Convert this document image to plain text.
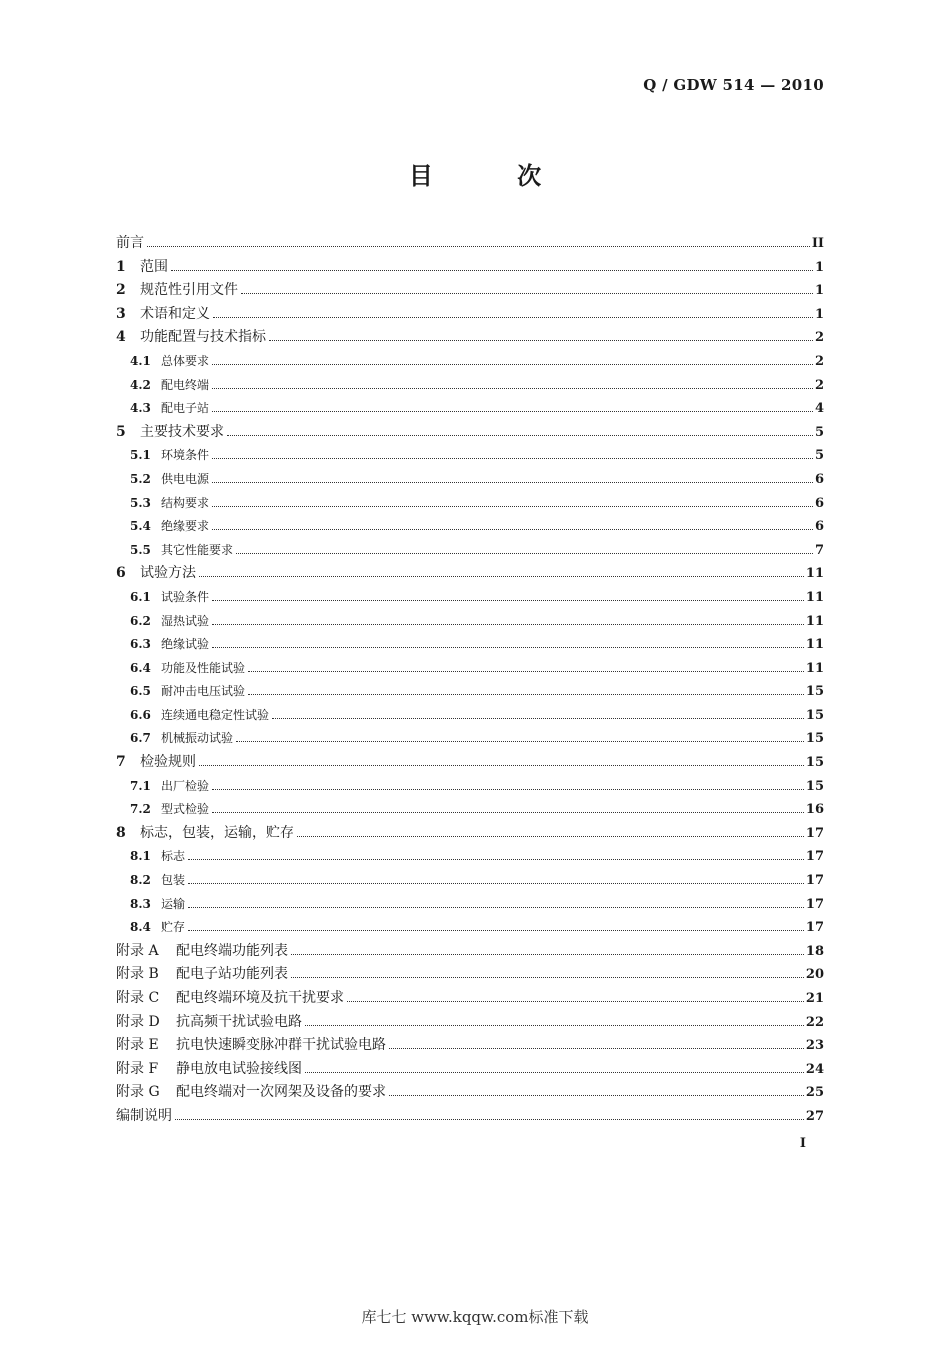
Q / GDW 514 — 2010
目 次
前言	II
1	范围	1
2	规范性引用文件	1
3	术语和定义	1
4	功能配置与技术指标	2
4.1 总体要求	2
4.2 配电终端	2
4.3 配电子站	4
5	主要技术要求	5
5.1 环境条件	5
5.2 供电电源	6
5.3 结构要求	6
5.4 绝缘要求	6
5.5 其它性能要求	7
6	试验方法	11
6.1 试验条件	11
6.2 湿热试验	11
6.3 绝缘试验	11
6.4 功能及性能试验	11
6.5 耐冲击电压试验	15
6.6 连续通电稳定性试验	15
6.7 机械振动试验	15
7	检验规则	15
7.1 出厂检验	15
7.2 型式检验	16
8	标志，包装，运输，贮存	17
8.1 标志	17
8.2 包装	17
8.3 运输	17
8.4 贮存	17
附录 A	配电终端功能列表	18
附录 B	配电子站功能列表	20
附录 C	配电终端环境及抗干扰要求	21
附录 D	抗高频干扰试验电路	22
附录 E	抗电快速瞬变脉冲群干扰试验电路	23
附录 F	静电放电试验接线图	24
附录 G	配电终端对一次网架及设备的要求	25
编制说明	27
I
库七七 www.kqqw.com标准下载
